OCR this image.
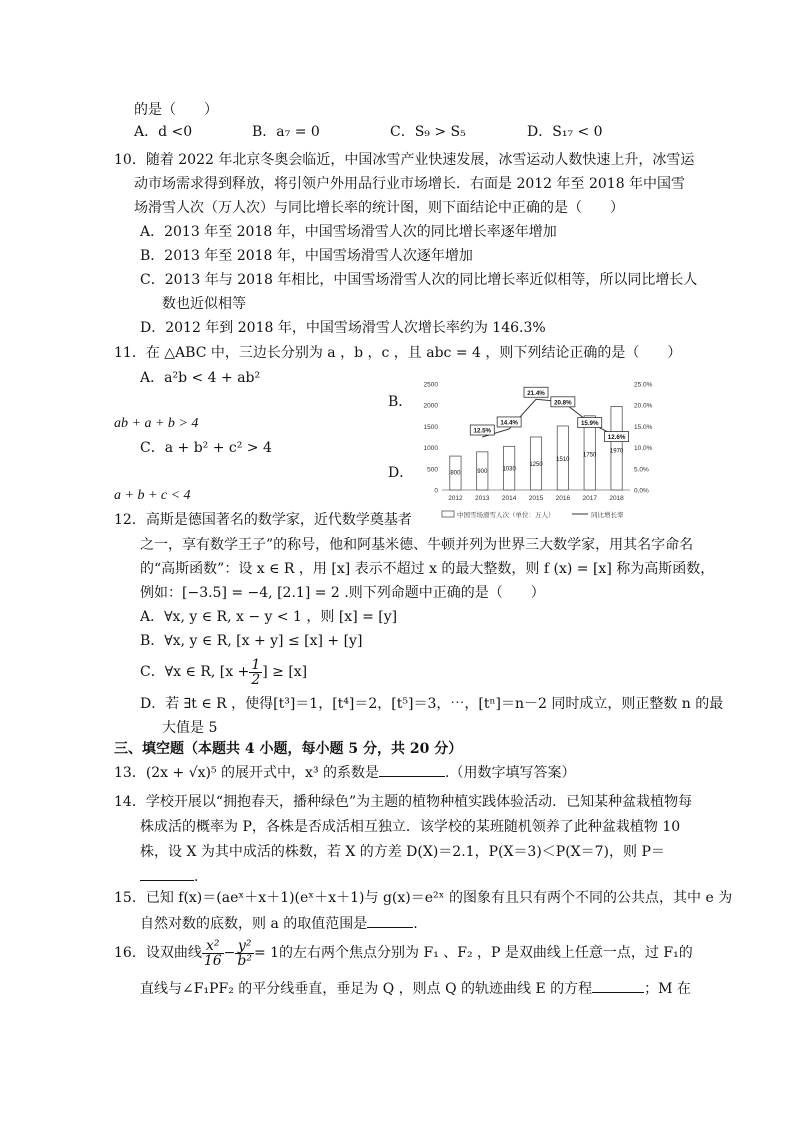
的是（　　）
A．d <0	B．a₇ = 0	C．S₉ > S₅	D．S₁₇ < 0
10．随着 2022 年北京冬奥会临近，中国冰雪产业快速发展，冰雪运动人数快速上升，冰雪运
动市场需求得到释放，将引领户外用品行业市场增长．右面是 2012 年至 2018 年中国雪
场滑雪人次（万人次）与同比增长率的统计图，则下面结论中正确的是（　　）
A．2013 年至 2018 年，中国雪场滑雪人次的同比增长率逐年增加
B．2013 年至 2018 年，中国雪场滑雪人次逐年增加
C．2013 年与 2018 年相比，中国雪场滑雪人次的同比增长率近似相等，所以同比增长人
数也近似相等
D．2012 年到 2018 年，中国雪场滑雪人次增长率约为 146.3%
11．在 △ABC 中，三边长分别为 a ，b ，c ，且 abc = 4 ，则下列结论正确的是（　　）
A．a²b < 4 + ab²
B．
ab + a + b > 4
C．a + b² + c² > 4
D．
a + b + c < 4	0
500
1000
1500
2000
2500
0.0%
5.0%
10.0%
15.0%
20.0%
25.0%
800
2012
900
2013
1030
2014
1250
2015
1510
2016
1750
2017
1970
2018
12.5%
14.4%
21.4%
20.8%
15.9%
12.6%
中国雪场滑雪人次（单位：万人）	同比增长率
12．高斯是德国著名的数学家，近代数学奠基者
之一，享有数学王子”的称号，他和阿基米德、牛顿并列为世界三大数学家，用其名字命名
的“高斯函数”：设 x ∈ R ，用 [x] 表示不超过 x 的最大整数，则 f (x) = [x] 称为高斯函数，
例如：[−3.5] = −4, [2.1] = 2 .则下列命题中正确的是（　　）
A．∀x, y ∈ R, x − y < 1 ，则 [x] = [y]
B．∀x, y ∈ R, [x + y] ≤ [x] + [y]
C．∀x ∈ R, [$x + \frac{1}{2}$ ] ≥ [x]
D．若 ∃t ∈ R ，使得[t³]＝1，[t⁴]＝2，[t⁵]＝3，⋯，[tⁿ]＝n－2 同时成立，则正整数 n 的最
大值是 5
三、填空题（本题共 4 小题，每小题 5 分，共 20 分）
13．(2x + √x)⁵ 的展开式中，x³ 的系数是	.（用数字填写答案）
14．学校开展以“拥抱春天，播种绿色”为主题的植物种植实践体验活动．已知某种盆栽植物每
株成活的概率为 P，各株是否成活相互独立．该学校的某班随机领养了此种盆栽植物 10
株，设 X 为其中成活的株数，若 X 的方差 D(X)＝2.1，P(X＝3)＜P(X＝7)，则 P＝
.
15．已知 f(x)＝(aeˣ＋x＋1)(eˣ＋x＋1)与 g(x)＝e²ˣ 的图象有且只有两个不同的公共点，其中 e 为
自然对数的底数，则 a 的取值范围是	.
16．设双曲线 $\frac{\text{x²}}{16} - \frac{\text{y²}}{\text{b²}} = 1$的左右两个焦点分别为 F₁ 、F₂ ，P 是双曲线上任意一点，过 F₁的
直线与∠F₁PF₂ 的平分线垂直，垂足为 Q ，则点 Q 的轨迹曲线 E 的方程	；M 在
